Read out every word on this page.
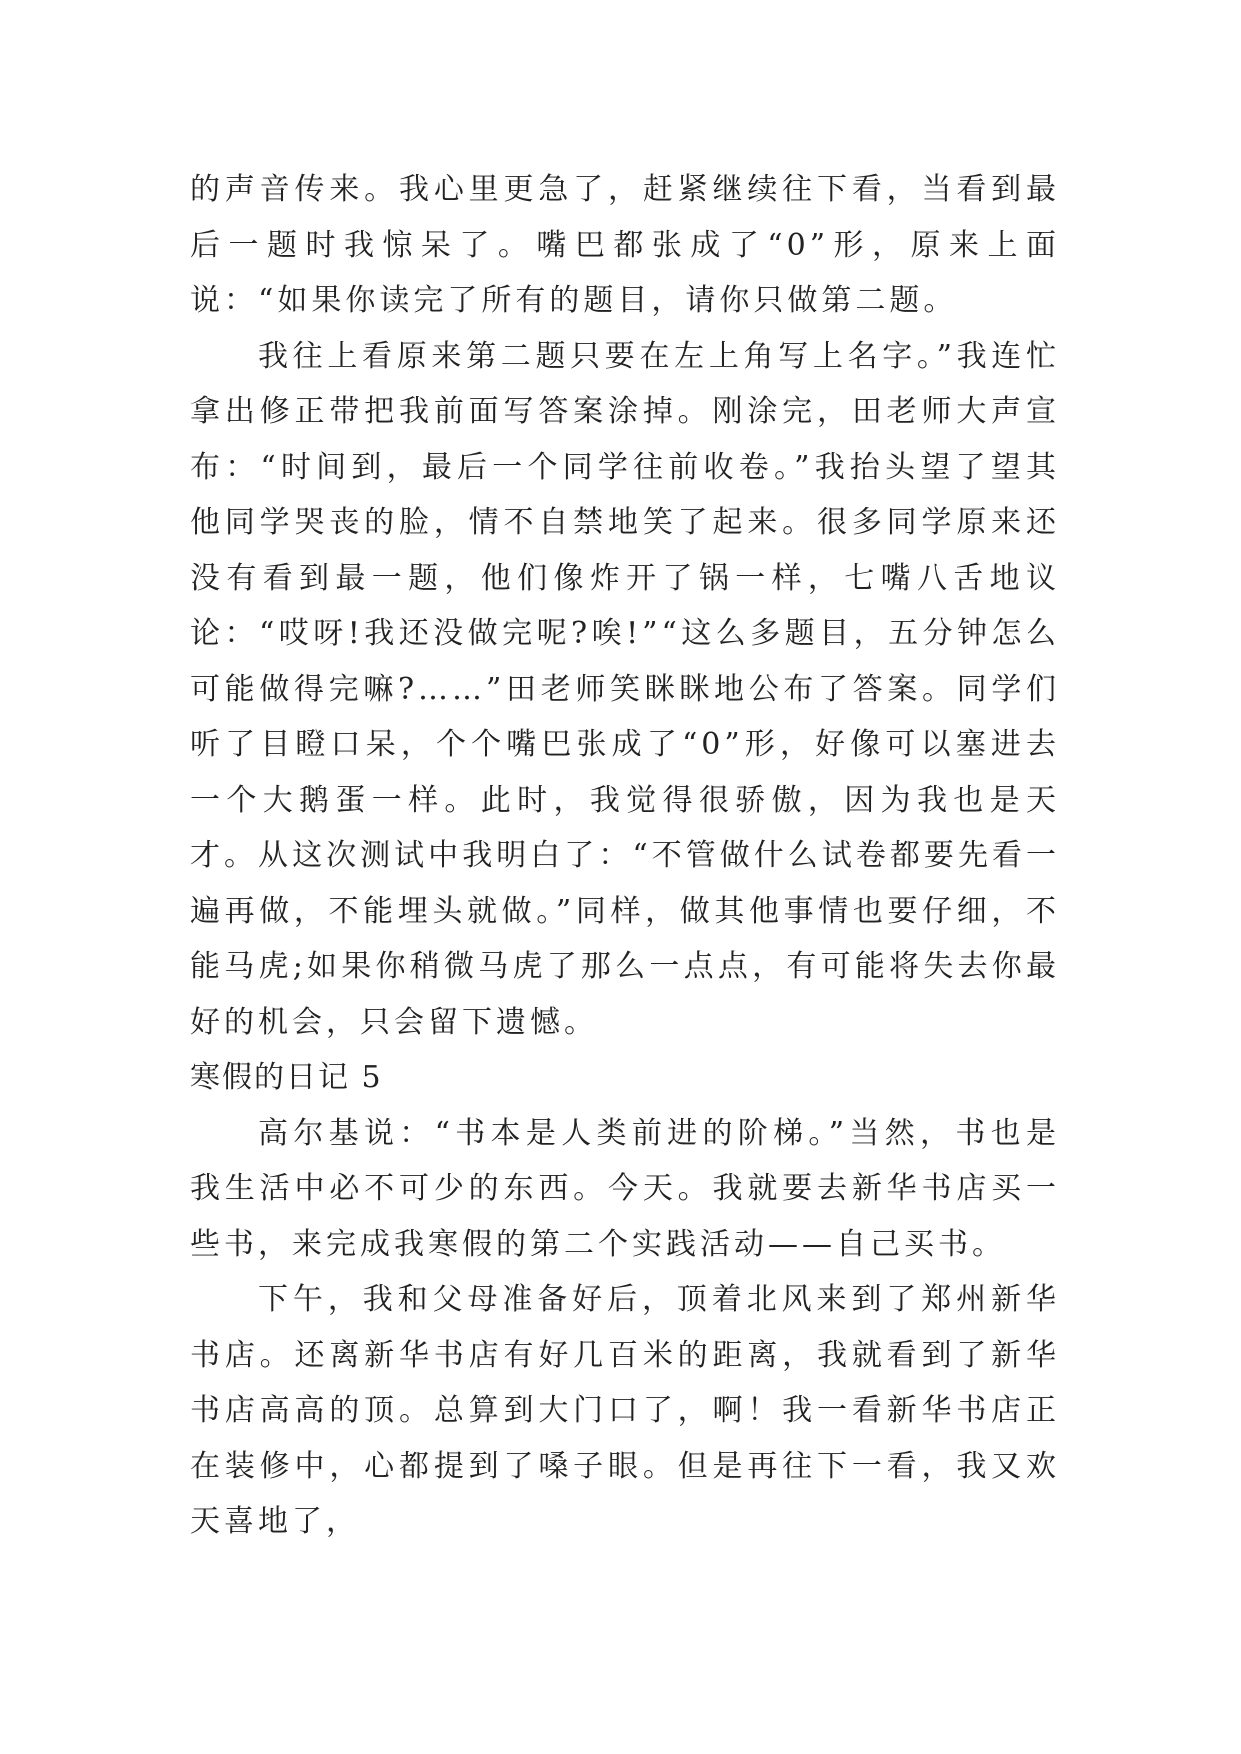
的声音传来。我心里更急了，赶紧继续往下看，当看到最后一题时我惊呆了。嘴巴都张成了“0”形，原来上面说：“如果你读完了所有的题目，请你只做第二题。

我往上看原来第二题只要在左上角写上名字。”我连忙拿出修正带把我前面写答案涂掉。刚涂完，田老师大声宣布：“时间到，最后一个同学往前收卷。”我抬头望了望其他同学哭丧的脸，情不自禁地笑了起来。很多同学原来还没有看到最一题，他们像炸开了锅一样，七嘴八舌地议论：“哎呀!我还没做完呢?唉!”“这么多题目，五分钟怎么可能做得完嘛?……”田老师笑眯眯地公布了答案。同学们听了目瞪口呆，个个嘴巴张成了“0”形，好像可以塞进去一个大鹅蛋一样。此时，我觉得很骄傲，因为我也是天才。从这次测试中我明白了：“不管做什么试卷都要先看一遍再做，不能埋头就做。”同样，做其他事情也要仔细，不能马虎;如果你稍微马虎了那么一点点，有可能将失去你最好的机会，只会留下遗憾。

寒假的日记 5

高尔基说：“书本是人类前进的阶梯。”当然，书也是我生活中必不可少的东西。今天。我就要去新华书店买一些书，来完成我寒假的第二个实践活动——自己买书。

下午，我和父母准备好后，顶着北风来到了郑州新华书店。还离新华书店有好几百米的距离，我就看到了新华书店高高的顶。总算到大门口了，啊！我一看新华书店正在装修中，心都提到了嗓子眼。但是再往下一看，我又欢天喜地了，
